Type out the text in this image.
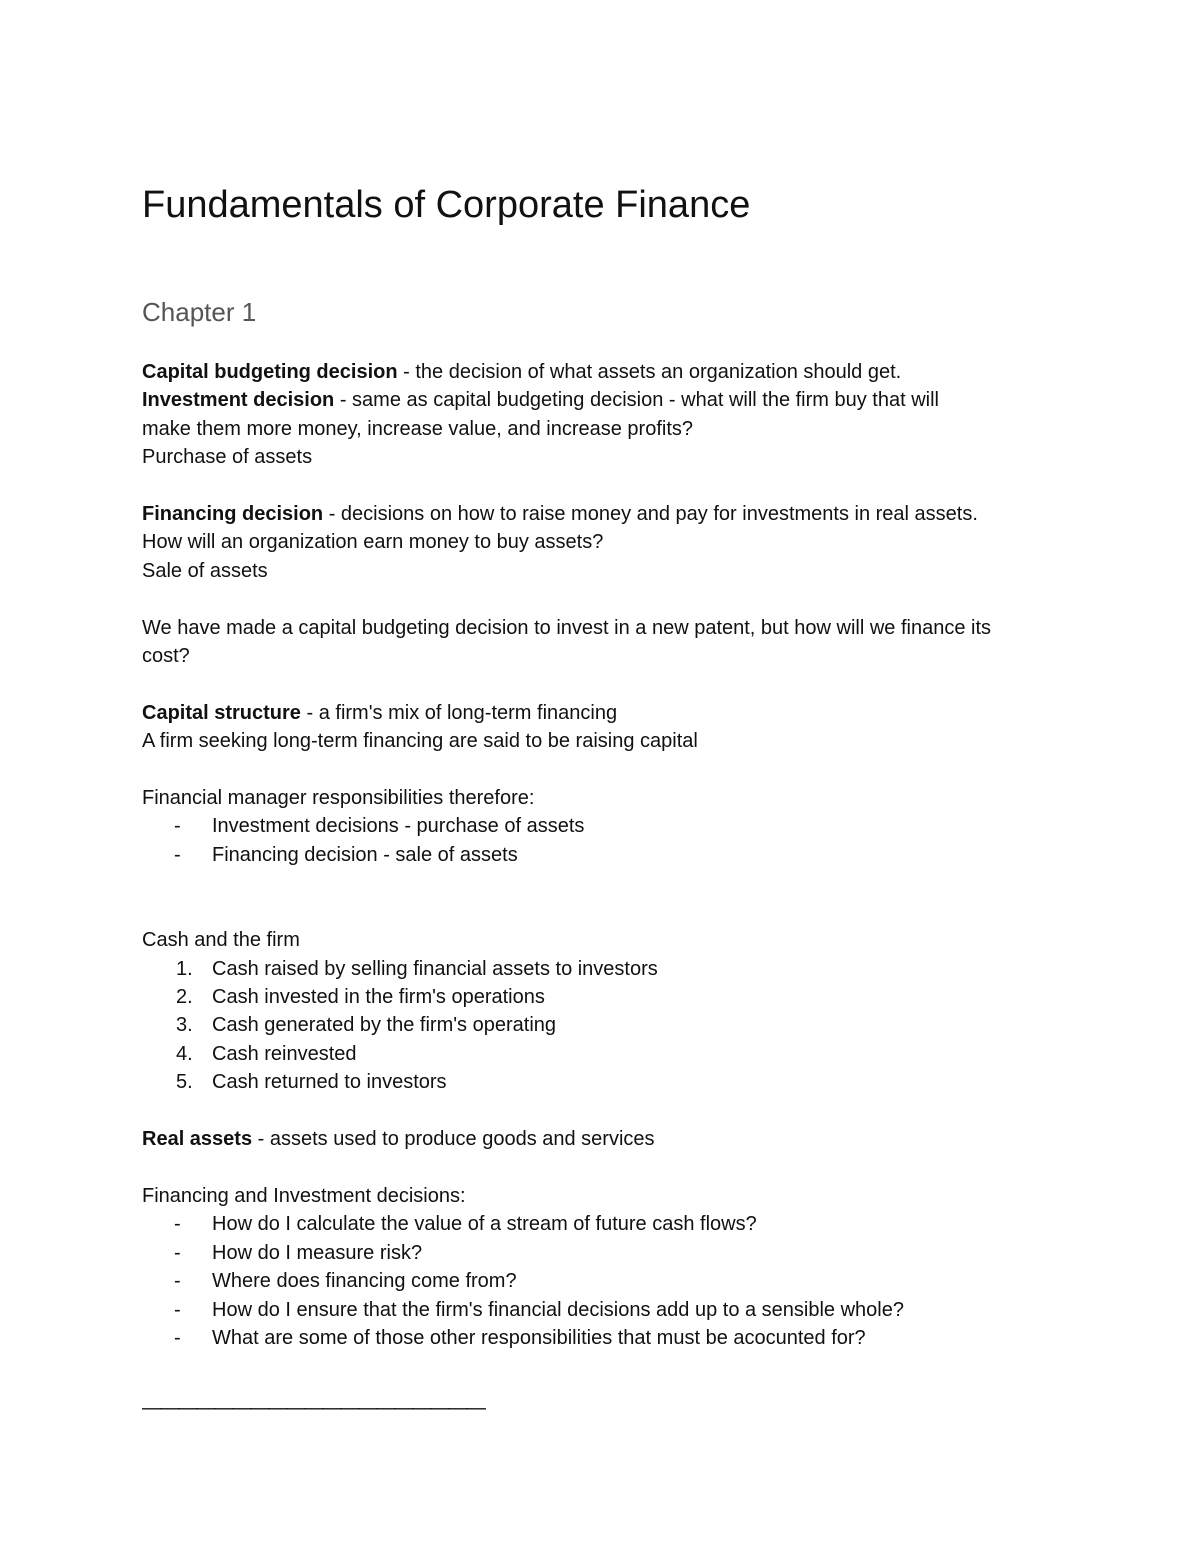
Fundamentals of Corporate Finance
Chapter 1
Capital budgeting decision - the decision of what assets an organization should get.
Investment decision - same as capital budgeting decision - what will the firm buy that will
make them more money, increase value, and increase profits?
Purchase of assets
Financing decision - decisions on how to raise money and pay for investments in real assets.
How will an organization earn money to buy assets?
Sale of assets
We have made a capital budgeting decision to invest in a new patent, but how will we finance its
cost?
Capital structure - a firm's mix of long-term financing
A firm seeking long-term financing are said to be raising capital
Financial manager responsibilities therefore:
- Investment decisions - purchase of assets
- Financing decision - sale of assets
Cash and the firm
1. Cash raised by selling financial assets to investors
2. Cash invested in the firm's operations
3. Cash generated by the firm's operating
4. Cash reinvested
5. Cash returned to investors
Real assets - assets used to produce goods and services
Financing and Investment decisions:
- How do I calculate the value of a stream of future cash flows?
- How do I measure risk?
- Where does financing come from?
- How do I ensure that the firm's financial decisions add up to a sensible whole?
- What are some of those other responsibilities that must be acocunted for?
———————————————————
